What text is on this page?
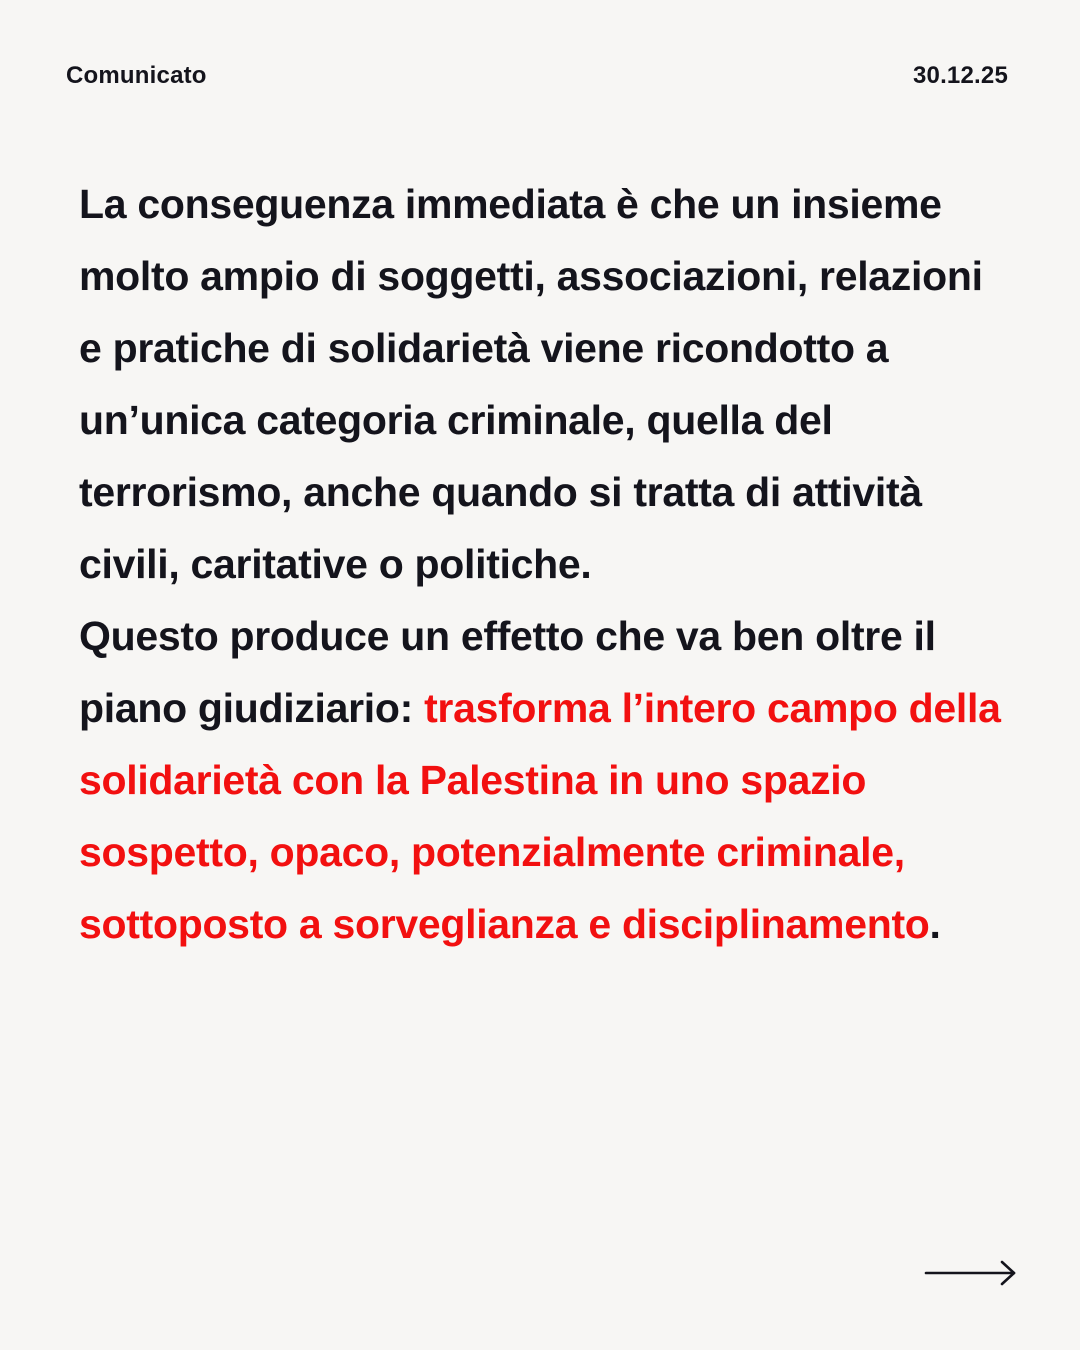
Comunicato	30.12.25

La conseguenza immediata è che un insieme molto ampio di soggetti, associazioni, relazioni e pratiche di solidarietà viene ricondotto a un’unica categoria criminale, quella del terrorismo, anche quando si tratta di attività civili, caritative o politiche.

Questo produce un effetto che va ben oltre il piano giudiziario: trasforma l’intero campo della solidarietà con la Palestina in uno spazio sospetto, opaco, potenzialmente criminale, sottoposto a sorveglianza e disciplinamento.
